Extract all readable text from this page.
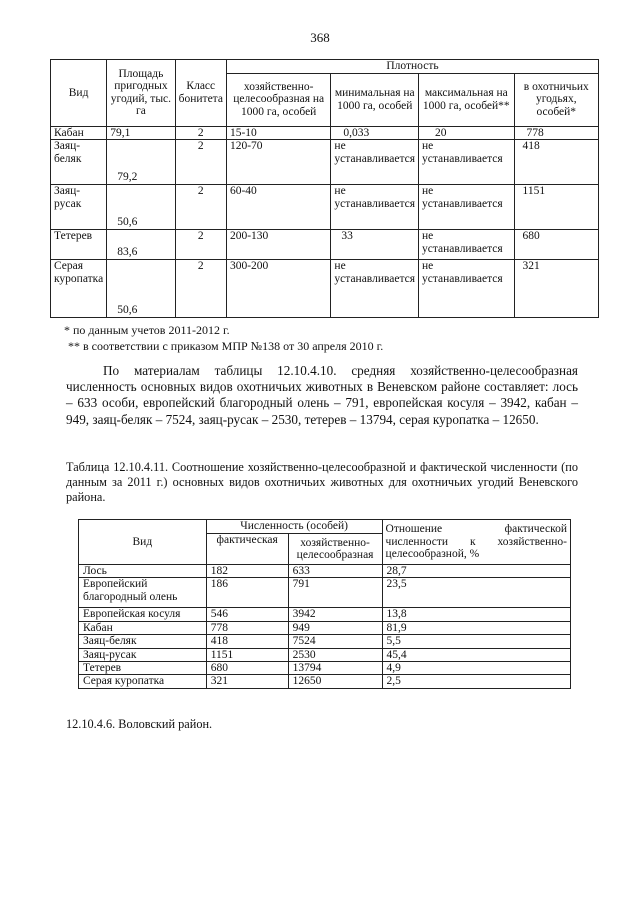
368
Вид	Площадь пригодных угодий, тыс. га	Класс бонитета	Плотность			
			хозяйственно-целесообразная на 1000 га, особей	минимальная на 1000 га, особей	максимальная на 1000 га, особей**	в охотничьих угодьях, особей*
Кабан	79,1	2	15-10	0,033	20	778
Заяц-беляк	79,2	2	120-70	не устанавливается	не устанавливается	418
Заяц-русак	50,6	2	60-40	не устанавливается	не устанавливается	1151
Тетерев	83,6	2	200-130	33	не устанавливается	680
Серая куропатка	50,6	2	300-200	не устанавливается	не устанавливается	321
* по данным учетов 2011-2012 г.
** в соответствии с приказом МПР №138 от 30 апреля 2010 г.
По материалам таблицы 12.10.4.10. средняя хозяйственно-целесообразная численность основных видов охотничьих животных в Веневском районе составляет: лось – 633 особи, европейский благородный олень – 791, европейская косуля – 3942, кабан – 949, заяц-беляк – 7524, заяц-русак – 2530, тетерев – 13794, серая куропатка – 12650.
Таблица 12.10.4.11. Соотношение хозяйственно-целесообразной и фактической численности (по данным за 2011 г.) основных видов охотничьих животных для охотничьих угодий Веневского района.
Вид	Численность (особей)		Отношение фактической численности к хозяйственно-целесообразной, %
	фактическая	хозяйственно-целесообразная	
Лось	182	633	28,7
Европейский благородный олень	186	791	23,5
Европейская косуля	546	3942	13,8
Кабан	778	949	81,9
Заяц-беляк	418	7524	5,5
Заяц-русак	1151	2530	45,4
Тетерев	680	13794	4,9
Серая куропатка	321	12650	2,5
12.10.4.6. Воловский район.
